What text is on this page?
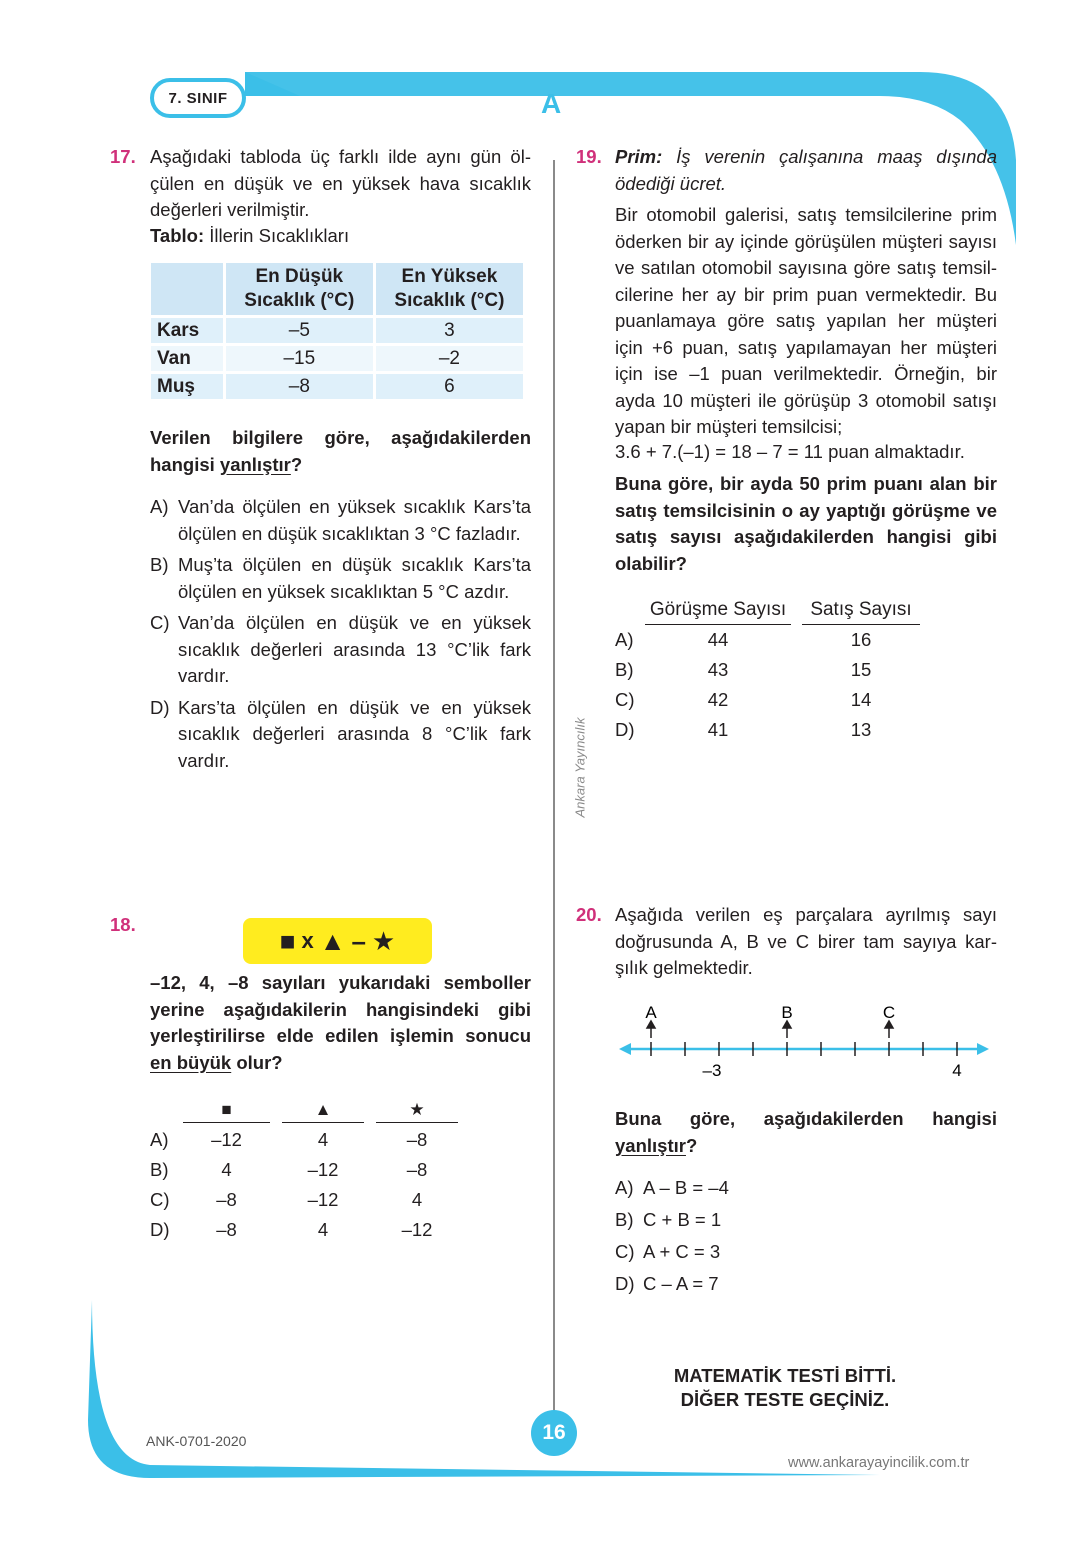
7. SINIF	A
Ankara Yayıncılık
17. Aşağıdaki tabloda üç farklı ilde aynı gün öl-çülen en düşük ve en yüksek hava sıcaklık değerleri verilmiştir.
Tablo: İllerin Sıcaklıkları
	En Düşük Sıcaklık (°C)	En Yüksek Sıcaklık (°C)
Kars	–5	3
Van	–15	–2
Muş	–8	6
Verilen bilgilere göre, aşağıdakilerden hangisi yanlıştır?
A) Van’da ölçülen en yüksek sıcaklık Kars’ta ölçülen en düşük sıcaklıktan 3 °C fazladır.
B) Muş’ta ölçülen en düşük sıcaklık Kars’ta ölçülen en yüksek sıcaklıktan 5 °C azdır.
C) Van’da ölçülen en düşük ve en yüksek sıcaklık değerleri arasında 13 °C’lik fark vardır.
D) Kars’ta ölçülen en düşük ve en yüksek sıcaklık değerleri arasında 8 °C’lik fark vardır.
18.
■ x ▲ – ★
–12, 4, –8 sayıları yukarıdaki semboller yerine aşağıdakilerin hangisindeki gibi yerleştirilirse elde edilen işlemin sonucu en büyük olur?
■	▲	★
A)	–12	4	–8
B)	4	–12	–8
C)	–8	–12	4
D)	–8	4	–12
19. Prim: İş verenin çalışanına maaş dışında ödediği ücret.
Bir otomobil galerisi, satış temsilcilerine prim öderken bir ay içinde görüşülen müşteri sayısı ve satılan otomobil sayısına göre satış temsil-cilerine her ay bir prim puan vermektedir. Bu puanlamaya göre satış yapılan her müşteri için +6 puan, satış yapılamayan her müşteri için ise –1 puan verilmektedir. Örneğin, bir ayda 10 müşteri ile görüşüp 3 otomobil satışı yapan bir müşteri temsilcisi;
3.6 + 7.(–1) = 18 – 7 = 11 puan almaktadır.
Buna göre, bir ayda 50 prim puanı alan bir satış temsilcisinin o ay yaptığı görüşme ve satış sayısı aşağıdakilerden hangisi gibi olabilir?
Görüşme Sayısı	Satış Sayısı
A)	44	16
B)	43	15
C)	42	14
D)	41	13
20. Aşağıda verilen eş parçalara ayrılmış sayı doğrusunda A, B ve C birer tam sayıya kar-şılık gelmektedir.
A	B	C
–3	4
Buna göre, aşağıdakilerden hangisi yanlıştır?
A) A – B = –4
B) C + B = 1
C) A + C = 3
D) C – A = 7
MATEMATİK TESTİ BİTTİ.
DİĞER TESTE GEÇİNİZ.
16
ANK-0701-2020
www.ankarayayincilik.com.tr
